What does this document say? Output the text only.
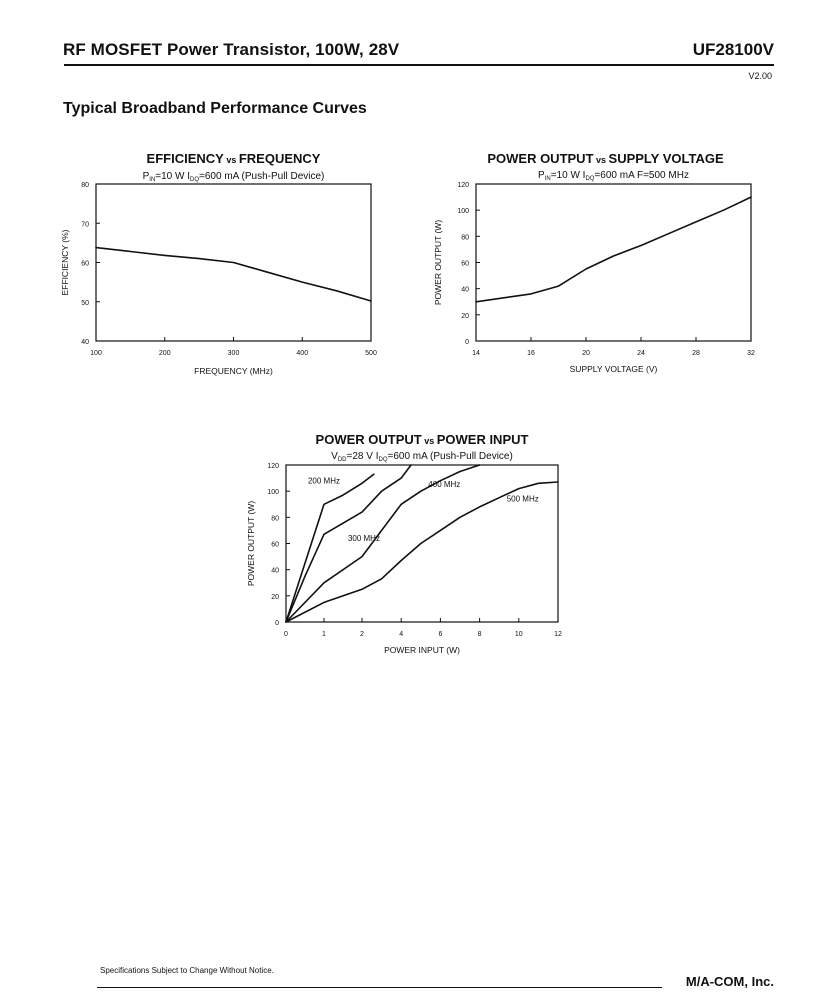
RF MOSFET Power Transistor, 100W, 28V	UF28100V
V2.00
Typical Broadband Performance Curves
EFFICIENCY vs FREQUENCY
$P_{IN}=10$ W $I_{DQ}=600$ mA (Push-Pull Device)
40
50
60
70
80
100	200	300	400	500
FREQUENCY (MHz)
EFFICIENCY (%)
POWER OUTPUT vs SUPPLY VOLTAGE
$P_{IN}=10$ W $I_{DQ}=600$ mA F=500 MHz
0
20
40
60
80
100
120
14	16	20	24	28	32
SUPPLY VOLTAGE (V)
POWER OUTPUT (W)
POWER OUTPUT vs POWER INPUT
$V_{DD}=28$ V $I_{DQ}=600$ mA (Push-Pull Device)
0
20
40
60
80
100
120
0	1	2	4	6	8	10	12
POWER INPUT (W)
POWER OUTPUT (W)
200 MHz
300 MHz
400 MHz
500 MHz
Specifications Subject to Change Without Notice.
M/A-COM, Inc.
